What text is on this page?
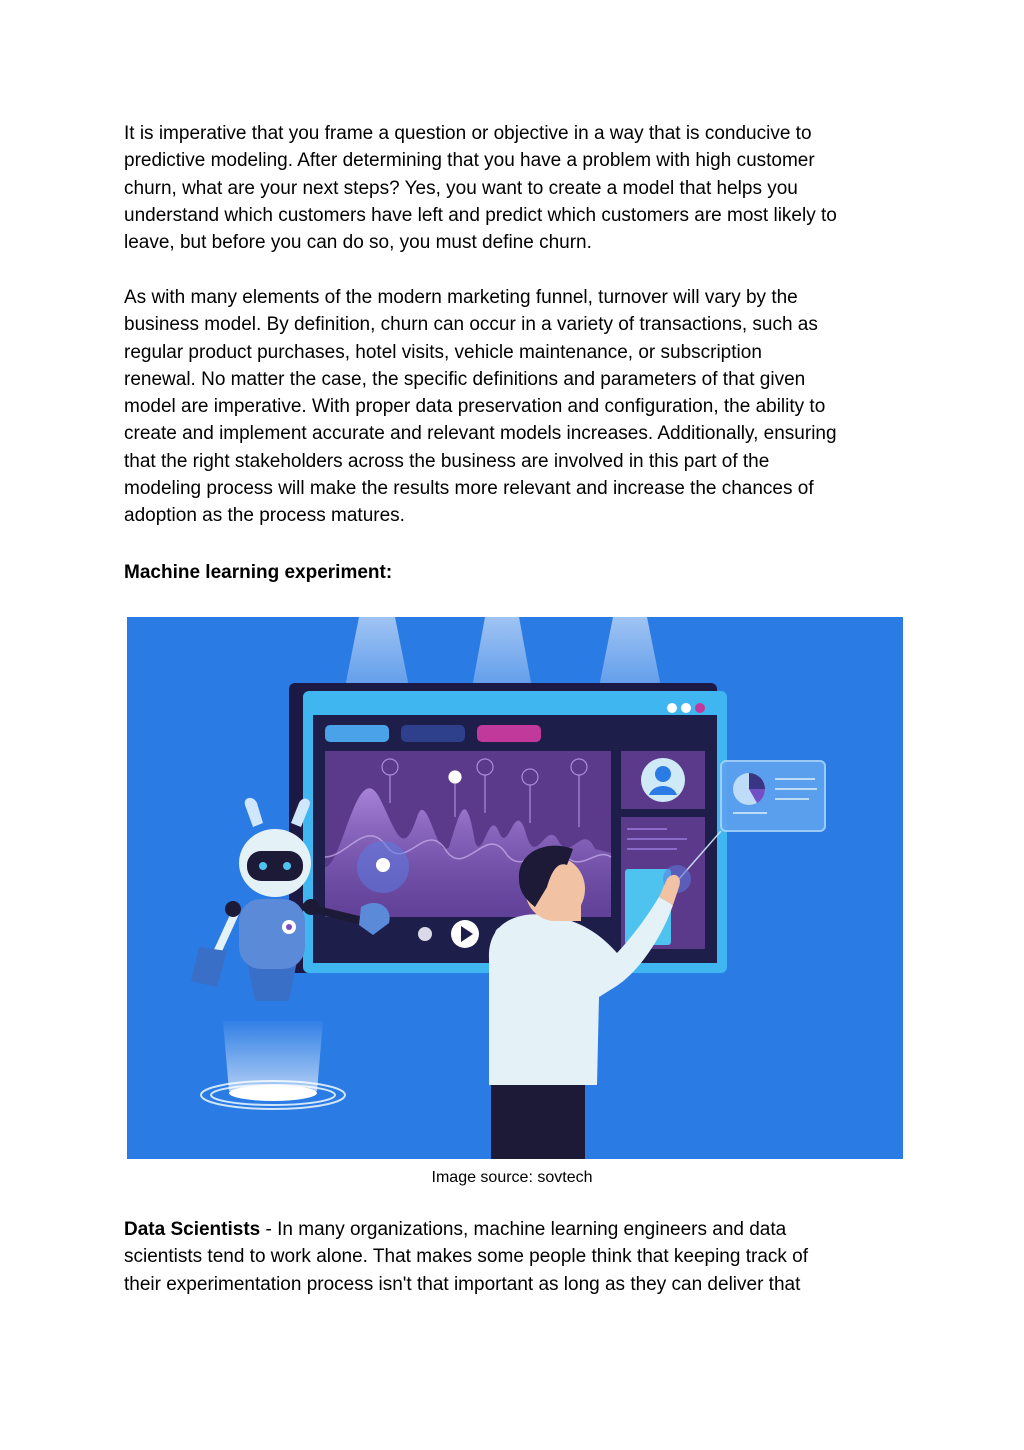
It is imperative that you frame a question or objective in a way that is conducive to
predictive modeling. After determining that you have a problem with high customer
churn, what are your next steps? Yes, you want to create a model that helps you
understand which customers have left and predict which customers are most likely to
leave, but before you can do so, you must define churn.

As with many elements of the modern marketing funnel, turnover will vary by the
business model. By definition, churn can occur in a variety of transactions, such as
regular product purchases, hotel visits, vehicle maintenance, or subscription
renewal. No matter the case, the specific definitions and parameters of that given
model are imperative. With proper data preservation and configuration, the ability to
create and implement accurate and relevant models increases. Additionally, ensuring
that the right stakeholders across the business are involved in this part of the
modeling process will make the results more relevant and increase the chances of
adoption as the process matures.

Machine learning experiment:

Data Scientists - In many organizations, machine learning engineers and data
scientists tend to work alone. That makes some people think that keeping track of
their experimentation process isn't that important as long as they can deliver that

Image source: sovtech
